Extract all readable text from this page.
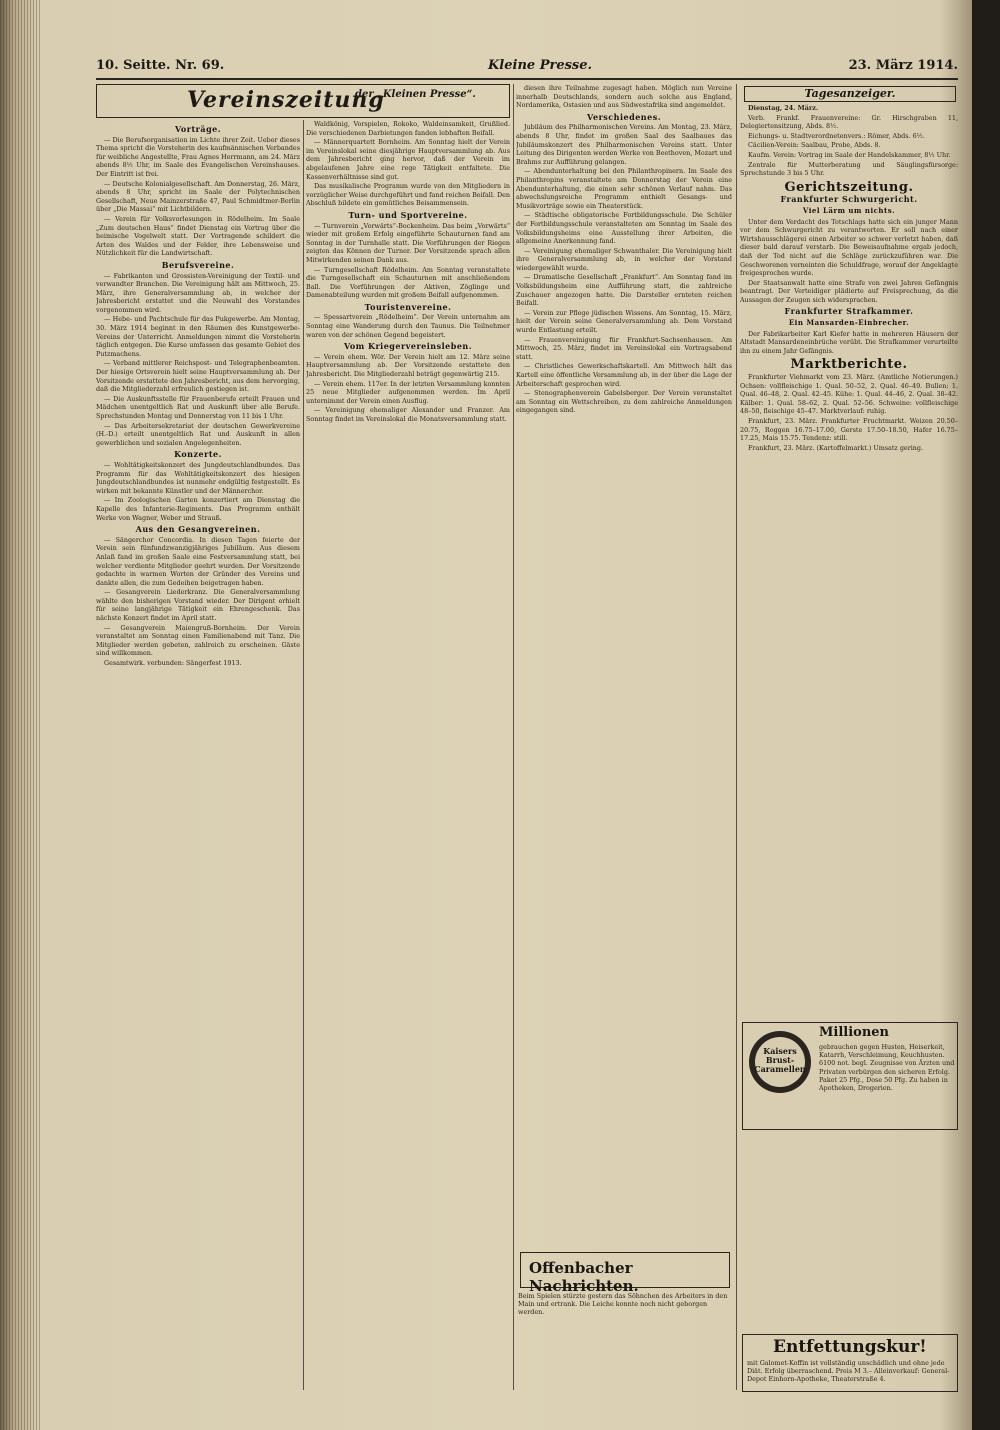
10. Seitte. Nr. 69.	Kleine Presse.	23. März 1914.
Vereinszeitung
der „Kleinen Presse“.
Vorträge.

— Die Berufsorganisation im Lichte ihrer Zeit. Ueber dieses Thema spricht die Vorsteherin des kaufmännischen Verbandes für weibliche Angestellte, Frau Agnes Herrmann, am 24. März abends 8½ Uhr, im Saale des Evangelischen Vereinshauses. Der Eintritt ist frei.

— Deutsche Kolonialgesellschaft. Am Donnerstag, 26. März, abends 8 Uhr, spricht im Saale der Polytechnischen Gesellschaft, Neue Mainzerstraße 47, Paul Schmidtmer-Berlin über „Die Massai“ mit Lichtbildern.

— Verein für Volksvorlesungen in Rödelheim. Im Saale „Zum deutschen Haus“ findet Dienstag ein Vortrag über die heimische Vogelwelt statt. Der Vortragende schildert die Arten des Waldes und der Felder, ihre Lebensweise und Nützlichkeit für die Landwirtschaft.

Berufsvereine.

— Fabrikanten und Grossisten-Vereinigung der Textil- und verwandter Branchen. Die Vereinigung hält am Mittwoch, 25. März, ihre Generalversammlung ab, in welcher der Jahresbericht erstattet und die Neuwahl des Vorstandes vorgenommen wird.

— Hebe- und Pachtschule für das Pukgewerbe. Am Montag, 30. März 1914 beginnt in den Räumen des Kunstgewerbe-Vereins der Unterricht. Anmeldungen nimmt die Vorsteherin täglich entgegen. Die Kurse umfassen das gesamte Gebiet des Putzmachens.

— Verband mittlerer Reichspost- und Telegraphenbeamten. Der hiesige Ortsverein hielt seine Hauptversammlung ab. Der Vorsitzende erstattete den Jahresbericht, aus dem hervorging, daß die Mitgliederzahl erfreulich gestiegen ist.

— Die Auskunftsstelle für Frauenberufe erteilt Frauen und Mädchen unentgeltlich Rat und Auskunft über alle Berufe. Sprechstunden Montag und Donnerstag von 11 bis 1 Uhr.

— Das Arbeitersekretariat der deutschen Gewerkvereine (H.-D.) erteilt unentgeltlich Rat und Auskunft in allen gewerblichen und sozialen Angelegenheiten.

Konzerte.

— Wohltätigkeitskonzert des Jungdeutschlandbundes. Das Programm für das Wohltätigkeitskonzert des hiesigen Jungdeutschlandbundes ist nunmehr endgültig festgestellt. Es wirken mit bekannte Künstler und der Männerchor.

— Im Zoologischen Garten konzertiert am Dienstag die Kapelle des Infanterie-Regiments. Das Programm enthält Werke von Wagner, Weber und Strauß.

Aus den Gesangvereinen.

— Sängerchor Concordia. In diesen Tagen feierte der Verein sein fünfundzwanzigjähriges Jubiläum. Aus diesem Anlaß fand im großen Saale eine Festversammlung statt, bei welcher verdiente Mitglieder geehrt wurden. Der Vorsitzende gedachte in warmen Worten der Gründer des Vereins und dankte allen, die zum Gedeihen beigetragen haben.

— Gesangverein Liederkranz. Die Generalversammlung wählte den bisherigen Vorstand wieder. Der Dirigent erhielt für seine langjährige Tätigkeit ein Ehrengeschenk. Das nächste Konzert findet im April statt.

— Gesangverein Maiengruß-Bornheim. Der Verein veranstaltet am Sonntag einen Familienabend mit Tanz. Die Mitglieder werden gebeten, zahlreich zu erscheinen. Gäste sind willkommen.

Gesamtwirk. verbunden: Sängerfest 1913.

Waldkönig, Vorspielen, Rokoko, Waldeinsamkeit, Grußlied. Die verschiedenen Darbietungen fanden lebhaften Beifall.

— Männerquartett Bornheim. Am Sonntag hielt der Verein im Vereinslokal seine diesjährige Hauptversammlung ab. Aus dem Jahresbericht ging hervor, daß der Verein im abgelaufenen Jahre eine rege Tätigkeit entfaltete. Die Kassenverhältnisse sind gut.

Das musikalische Programm wurde von den Mitgliedern in vorzüglicher Weise durchgeführt und fand reichen Beifall. Den Abschluß bildete ein gemütliches Beisammensein.

Turn- und Sportvereine.

— Turnverein „Vorwärts“-Bockenheim. Das beim „Vorwärts“ wieder mit großem Erfolg eingeführte Schauturnen fand am Sonntag in der Turnhalle statt. Die Vorführungen der Riegen zeigten das Können der Turner. Der Vorsitzende sprach allen Mitwirkenden seinen Dank aus.

— Turngesellschaft Rödelheim. Am Sonntag veranstaltete die Turngesellschaft ein Schauturnen mit anschließendem Ball. Die Vorführungen der Aktiven, Zöglinge und Damenabteilung wurden mit großem Beifall aufgenommen.

Touristenvereine.

— Spessartverein „Rödelheim“. Der Verein unternahm am Sonntag eine Wanderung durch den Taunus. Die Teilnehmer waren von der schönen Gegend begeistert.

Vom Kriegervereinsleben.

— Verein ehem. Wör. Der Verein hielt am 12. März seine Hauptversammlung ab. Der Vorsitzende erstattete den Jahresbericht. Die Mitgliederzahl beträgt gegenwärtig 215.

— Verein ehem. 117er. In der letzten Versammlung konnten 25 neue Mitglieder aufgenommen werden. Im April unternimmt der Verein einen Ausflug.

— Vereinigung ehemaliger Alexander und Franzer. Am Sonntag findet im Vereinslokal die Monatsversammlung statt.

diesen ihre Teilnahme zugesagt haben. Möglich nun Vereine innerhalb Deutschlands, sondern auch solche aus England, Nordamerika, Ostasien und aus Südwestafrika sind angemeldet.

Verschiedenes.

Jubiläum des Philharmonischen Vereins. Am Montag, 23. März, abends 8 Uhr, findet im großen Saal des Saalbaues das Jubiläumskonzert des Philharmonischen Vereins statt. Unter Leitung des Dirigenten werden Werke von Beethoven, Mozart und Brahms zur Aufführung gelangen.

— Abendunterhaltung bei den Philanthropinern. Im Saale des Philanthropins veranstaltete am Donnerstag der Verein eine Abendunterhaltung, die einen sehr schönen Verlauf nahm. Das abwechslungsreiche Programm enthielt Gesangs- und Musikvorträge sowie ein Theaterstück.

— Städtische obligatorische Fortbildungsschule. Die Schüler der Fortbildungsschule veranstalteten am Sonntag im Saale des Volksbildungsheims eine Ausstellung ihrer Arbeiten, die allgemeine Anerkennung fand.

— Vereinigung ehemaliger Schwanthaler. Die Vereinigung hielt ihre Generalversammlung ab, in welcher der Vorstand wiedergewählt wurde.

— Dramatische Gesellschaft „Frankfurt“. Am Sonntag fand im Volksbildungsheim eine Aufführung statt, die zahlreiche Zuschauer angezogen hatte. Die Darsteller ernteten reichen Beifall.

— Verein zur Pflege jüdischen Wissens. Am Sonntag, 15. März, hielt der Verein seine Generalversammlung ab. Dem Vorstand wurde Entlastung erteilt.

— Frauenvereinigung für Frankfurt-Sachsenhausen. Am Mittwoch, 25. März, findet im Vereinslokal ein Vortragsabend statt.

— Christliches Gewerkschaftskartell. Am Mittwoch hält das Kartell eine öffentliche Versammlung ab, in der über die Lage der Arbeiterschaft gesprochen wird.

— Stenographenverein Gabelsberger. Der Verein veranstaltet am Sonntag ein Wettschreiben, zu dem zahlreiche Anmeldungen eingegangen sind.

Offenbacher Nachrichten.
Beim Spielen stürzte gestern das Söhnchen des Arbeiters in den Main und ertrank. Die Leiche konnte noch nicht geborgen werden.
Tagesanzeiger.

Dienstag, 24. März.

Verb. Frankf. Frauenvereine: Gr. Hirschgraben 11, Delegiertensitzung, Abds. 8½.

Eichungs- u. Stadtverordnetenvers.: Römer, Abds. 6½.

Cäcilien-Verein: Saalbau, Probe, Abds. 8.

Kaufm. Verein: Vortrag im Saale der Handelskammer, 8½ Uhr.

Zentrale für Mutterberatung und Säuglingsfürsorge: Sprechstunde 3 bis 5 Uhr.

Gerichtszeitung.
Frankfurter Schwurgericht.
Viel Lärm um nichts.

Unter dem Verdacht des Totschlags hatte sich ein junger Mann vor dem Schwurgericht zu verantworten. Er soll nach einer Wirtshausschlägerei einen Arbeiter so schwer verletzt haben, daß dieser bald darauf verstarb. Die Beweisaufnahme ergab jedoch, daß der Tod nicht auf die Schläge zurückzuführen war. Die Geschworenen verneinten die Schuldfrage, worauf der Angeklagte freigesprochen wurde.

Der Staatsanwalt hatte eine Strafe von zwei Jahren Gefängnis beantragt. Der Verteidiger plädierte auf Freisprechung, da die Aussagen der Zeugen sich widersprachen.

Frankfurter Strafkammer.
Ein Mansarden-Einbrecher.

Der Fabrikarbeiter Karl Kiefer hatte in mehreren Häusern der Altstadt Mansardeneinbrüche verübt. Die Strafkammer verurteilte ihn zu einem Jahr Gefängnis.

Marktberichte.

Frankfurter Viehmarkt vom 23. März. (Amtliche Notierungen.) Ochsen: vollfleischige 1. Qual. 50–52, 2. Qual. 46–49. Bullen: 1. Qual. 46–48, 2. Qual. 42–45. Kühe: 1. Qual. 44–46, 2. Qual. 38–42. Kälber: 1. Qual. 58–62, 2. Qual. 52–56. Schweine: vollfleischige 48–50, fleischige 45–47. Marktverlauf: ruhig.

Frankfurt, 23. März. Frankfurter Fruchtmarkt. Weizen 20.50–20.75, Roggen 16.75–17.00, Gerste 17.50–18.50, Hafer 16.75–17.25, Mais 15.75. Tendenz: still.

Frankfurt, 23. März. (Kartoffelmarkt.) Umsatz gering.

Kaisers Brust-Caramellen
Millionen
gebrauchen gegen Husten, Heiserkeit, Katarrh, Verschleimung, Keuchhusten. 6100 not. begl. Zeugnisse von Ärzten und Privaten verbürgen den sicheren Erfolg. Paket 25 Pfg., Dose 50 Pfg. Zu haben in Apotheken, Drogerien.
Entfettungskur!
mit Galomet-Koffin ist vollständig unschädlich und ohne jede Diät. Erfolg überraschend. Preis M 3.– Alleinverkauf: General-Depot Einhorn-Apotheke, Theaterstraße 4.
